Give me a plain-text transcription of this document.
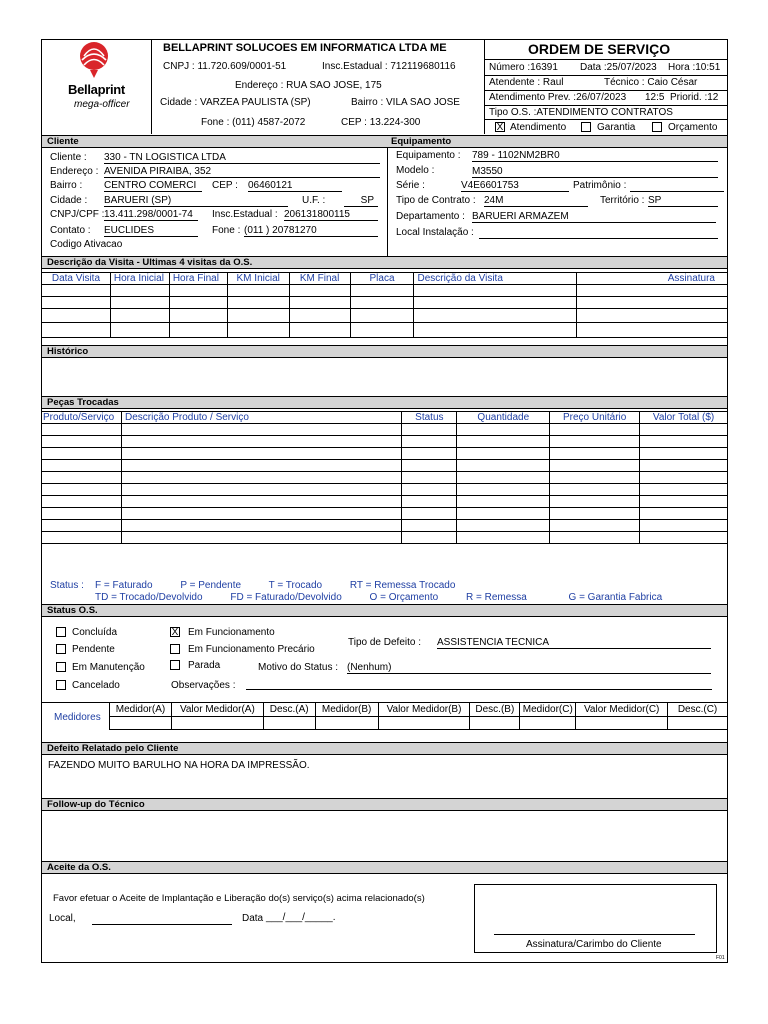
Bellaprint
mega-officer
BELLAPRINT SOLUCOES EM INFORMATICA LTDA ME
CNPJ : 11.720.609/0001-51	Insc.Estadual : 712119680116
Endereço : RUA SAO JOSE, 175
Cidade : VARZEA PAULISTA (SP)	Bairro : VILA SAO JOSE
Fone : (011) 4587-2072	CEP : 13.224-300
ORDEM DE SERVIÇO
Número :16391 Data :25/07/2023 Hora :10:51
Atendente : Raul	Técnico : Caio César
Atendimento Prev. :26/07/2023 12:5 Priorid. :12
Tipo O.S. :ATENDIMENTO CONTRATOS
X Atendimento	Garantia	Orçamento
Cliente	Equipamento
Cliente : 330 - TN LOGISTICA LTDA
Endereço : AVENIDA PIRAIBA, 352
Bairro : CENTRO COMERCI	CEP : 06460121
Cidade : BARUERI (SP)	U.F. :	SP
CNPJ/CPF : 13.411.298/0001-74	Insc.Estadual : 206131800115
Contato : EUCLIDES	Fone : (011 ) 20781270
Codigo Ativacao
Equipamento : 789 - 1102NM2BR0
Modelo :	M3550
Série :	V4E6601753	Patrimônio :
Tipo de Contrato : 24M	Território : SP
Departamento : BARUERI ARMAZEM
Local Instalação :
Descrição da Visita - Ultimas 4 visitas da O.S.
Data Visita	Hora Inicial	Hora Final	KM Inicial	KM Final	Placa	Descrição da Visita	Assinatura

Histórico
Peças Trocadas
Produto/Serviço	Descrição Produto / Serviço	Status	Quantidade	Preço Unitário	Valor Total ($)

Status :    F = Faturado          P = Pendente          T = Trocado          RT = Remessa Trocado
TD = Trocado/Devolvido          FD = Faturado/Devolvido          O = Orçamento          R = Remessa               G = Garantia Fabrica
Status O.S.
Concluída
Pendente
Em Manutenção
Cancelado
X Em Funcionamento
Em Funcionamento Precário
Parada
Tipo de Defeito : ASSISTENCIA TECNICA
Motivo do Status : (Nenhum)
Observações :
Medidores
Medidor(A)	Valor Medidor(A)	Desc.(A)	Medidor(B)	Valor Medidor(B)	Desc.(B)	Medidor(C)	Valor Medidor(C)	Desc.(C)

Defeito Relatado pelo Cliente
FAZENDO MUITO BARULHO NA HORA DA IMPRESSÃO.
Follow-up do Técnico
Aceite da O.S.
Favor efetuar o Aceite de Implantação e Liberação do(s) serviço(s) acima relacionado(s)
Local,	Data ___/___/_____.
Assinatura/Carimbo do Cliente
F01
